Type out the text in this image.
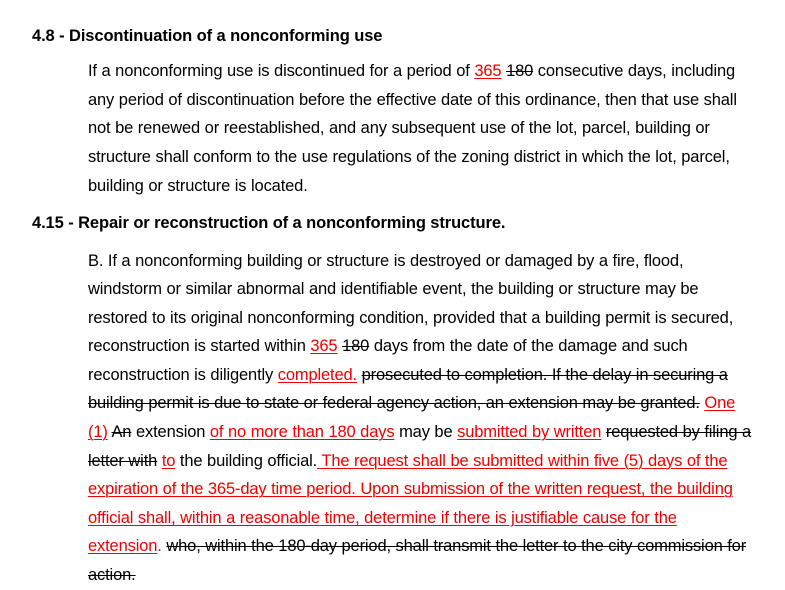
4.8 - Discontinuation of a nonconforming use

If a nonconforming use is discontinued for a period of 365 180 consecutive days, including any period of discontinuation before the effective date of this ordinance, then that use shall not be renewed or reestablished, and any subsequent use of the lot, parcel, building or structure shall conform to the use regulations of the zoning district in which the lot, parcel, building or structure is located.

4.15 - Repair or reconstruction of a nonconforming structure.

B. If a nonconforming building or structure is destroyed or damaged by a fire, flood, windstorm or similar abnormal and identifiable event, the building or structure may be restored to its original nonconforming condition, provided that a building permit is secured, reconstruction is started within 365 180 days from the date of the damage and such reconstruction is diligently completed. prosecuted to completion. If the delay in securing a building permit is due to state or federal agency action, an extension may be granted. One (1) An extension of no more than 180 days may be submitted by written requested by filing a letter with to the building official. The request shall be submitted within five (5) days of the expiration of the 365-day time period. Upon submission of the written request, the building official shall, within a reasonable time, determine if there is justifiable cause for the extension. who, within the 180-day period, shall transmit the letter to the city commission for action.
